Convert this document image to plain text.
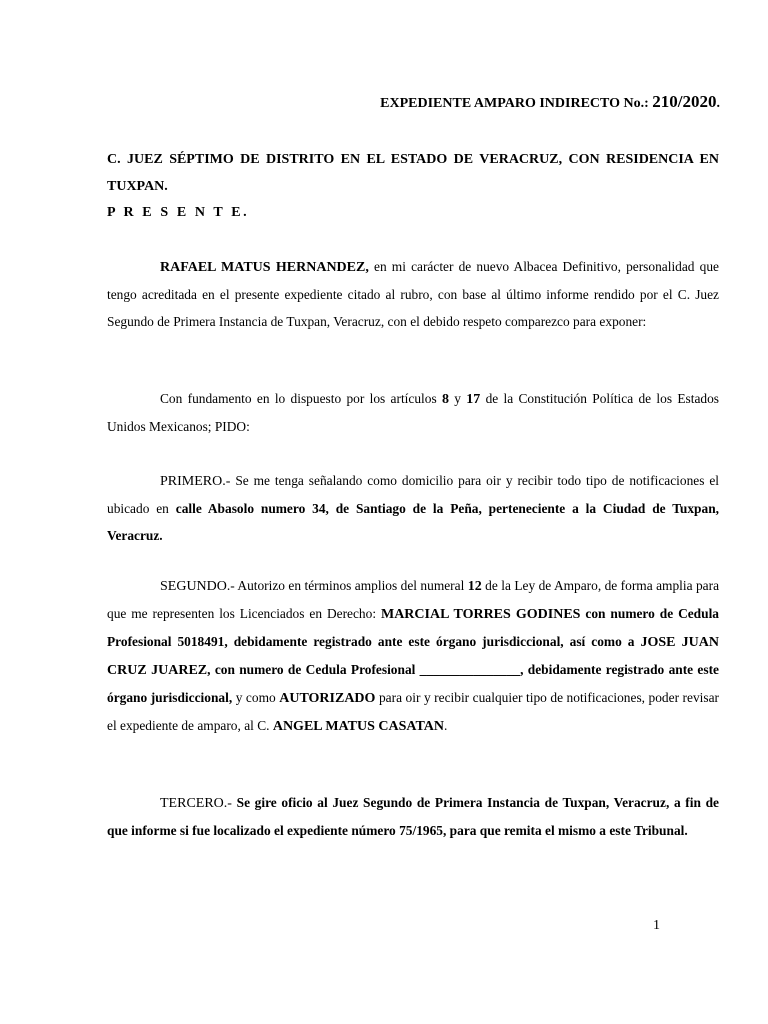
EXPEDIENTE AMPARO INDIRECTO No.: 210/2020.
C. JUEZ SÉPTIMO DE DISTRITO EN EL ESTADO DE VERACRUZ, CON RESIDENCIA EN TUXPAN.
P R E S E N T E.
RAFAEL MATUS HERNANDEZ, en mi carácter de nuevo Albacea Definitivo, personalidad que tengo acreditada en el presente expediente citado al rubro, con base al último informe rendido por el C. Juez Segundo de Primera Instancia de Tuxpan, Veracruz, con el debido respeto comparezco para exponer:
Con fundamento en lo dispuesto por los artículos 8 y 17 de la Constitución Política de los Estados Unidos Mexicanos; PIDO:
PRIMERO.- Se me tenga señalando como domicilio para oir y recibir todo tipo de notificaciones el ubicado en calle Abasolo numero 34, de Santiago de la Peña, perteneciente a la Ciudad de Tuxpan, Veracruz.
SEGUNDO.- Autorizo en términos amplios del numeral 12 de la Ley de Amparo, de forma amplia para que me representen los Licenciados en Derecho: MARCIAL TORRES GODINES con numero de Cedula Profesional 5018491, debidamente registrado ante este órgano jurisdiccional, así como a JOSE JUAN CRUZ JUAREZ, con numero de Cedula Profesional _______________, debidamente registrado ante este órgano jurisdiccional, y como AUTORIZADO para oir y recibir cualquier tipo de notificaciones, poder revisar el expediente de amparo, al C. ANGEL MATUS CASATAN.
TERCERO.- Se gire oficio al Juez Segundo de Primera Instancia de Tuxpan, Veracruz, a fin de que informe si fue localizado el expediente número 75/1965, para que remita el mismo a este Tribunal.
1
